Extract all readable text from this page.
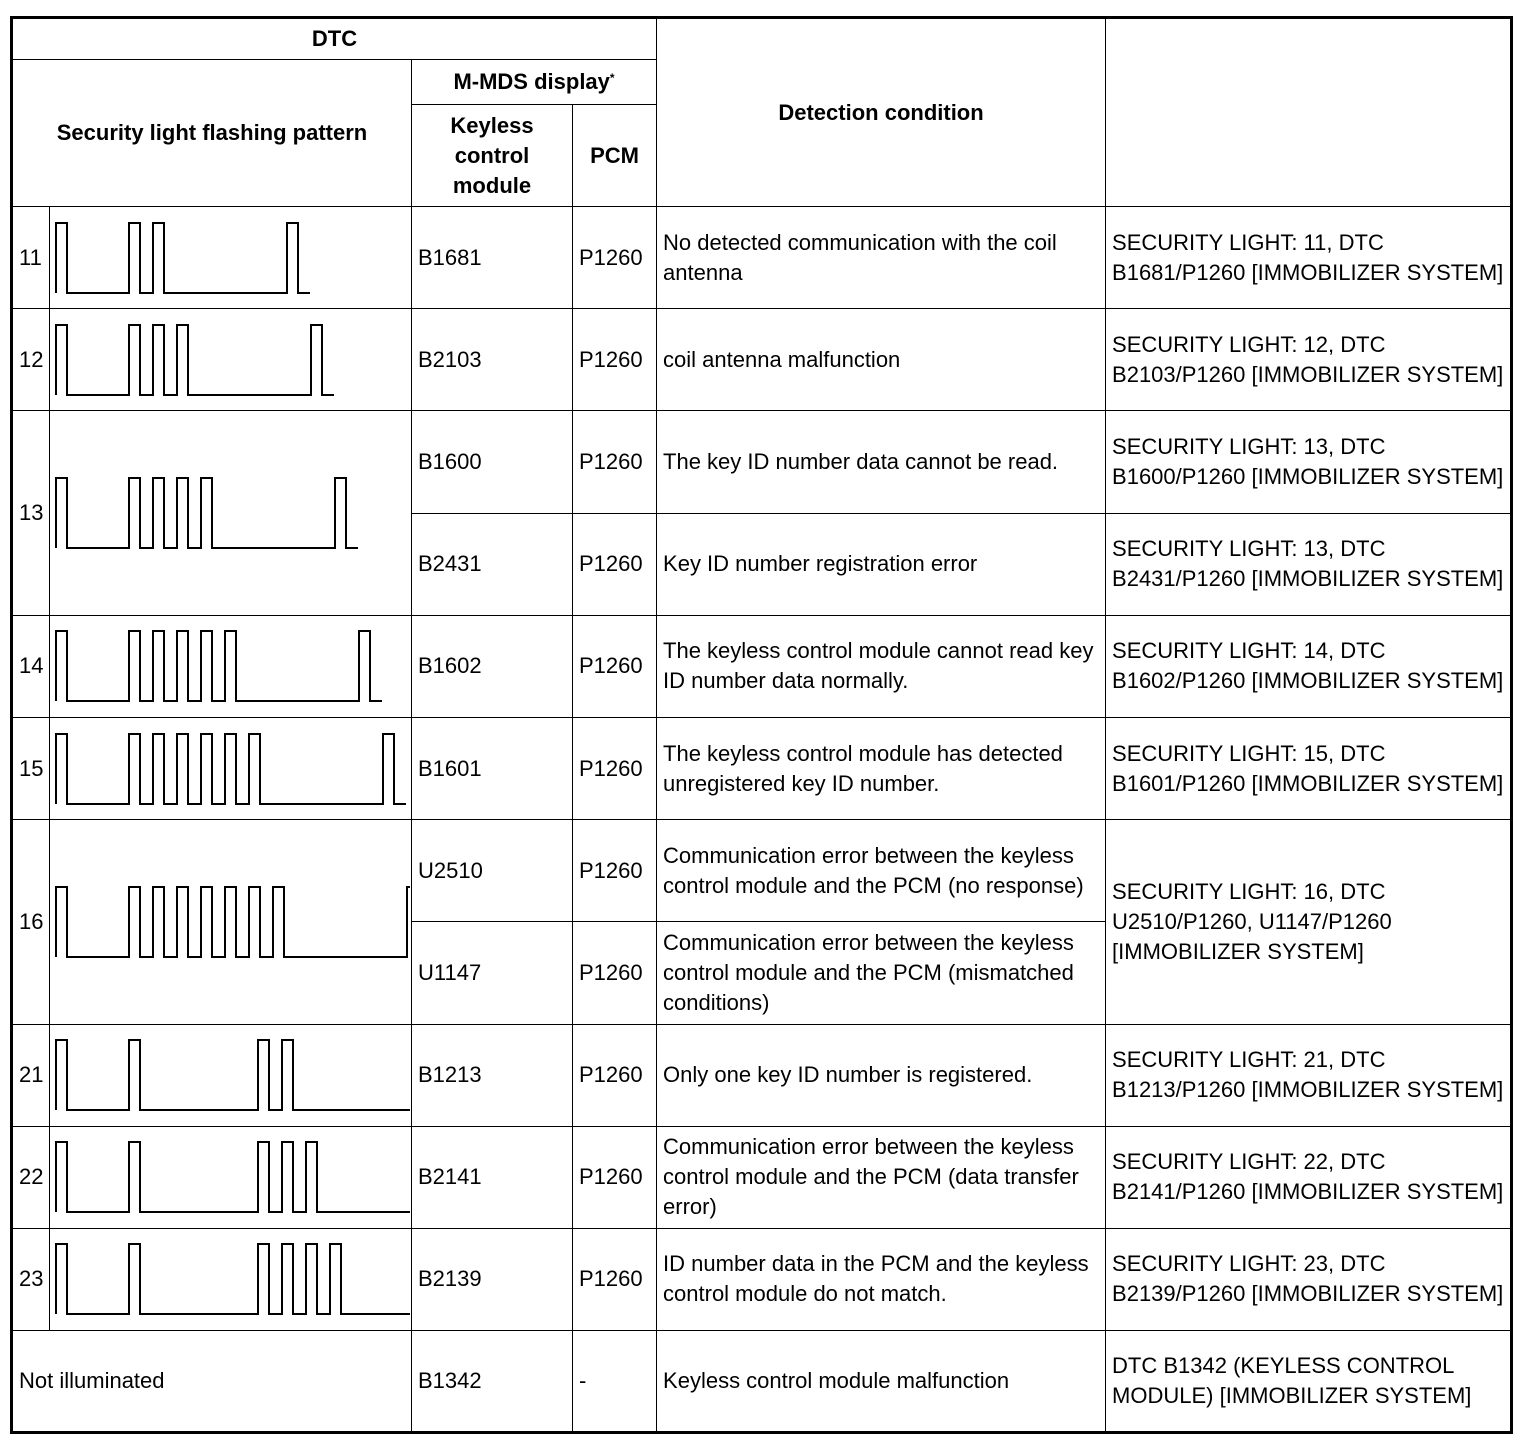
DTC				Detection condition	
Security light flashing pattern		M-MDS display*
		Keyless control module	PCM		
11		B1681	P1260	No detected communication with the coil antenna	SECURITY LIGHT: 11, DTC B1681/P1260 [IMMOBILIZER SYSTEM]
12		B2103	P1260	coil antenna malfunction	SECURITY LIGHT: 12, DTC B2103/P1260 [IMMOBILIZER SYSTEM]
13		B1600	P1260	The key ID number data cannot be read.	SECURITY LIGHT: 13, DTC B1600/P1260 [IMMOBILIZER SYSTEM]
		B2431	P1260	Key ID number registration error	SECURITY LIGHT: 13, DTC B2431/P1260 [IMMOBILIZER SYSTEM]
14		B1602	P1260	The keyless control module cannot read key ID number data normally.	SECURITY LIGHT: 14, DTC B1602/P1260 [IMMOBILIZER SYSTEM]
15		B1601	P1260	The keyless control module has detected unregistered key ID number.	SECURITY LIGHT: 15, DTC B1601/P1260 [IMMOBILIZER SYSTEM]
16		U2510	P1260	Communication error between the keyless control module and the PCM (no response)	SECURITY LIGHT: 16, DTC U2510/P1260, U1147/P1260 [IMMOBILIZER SYSTEM]
		U1147	P1260	Communication error between the keyless control module and the PCM (mismatched conditions)	
21		B1213	P1260	Only one key ID number is registered.	SECURITY LIGHT: 21, DTC B1213/P1260 [IMMOBILIZER SYSTEM]
22		B2141	P1260	Communication error between the keyless control module and the PCM (data transfer error)	SECURITY LIGHT: 22, DTC B2141/P1260 [IMMOBILIZER SYSTEM]
23		B2139	P1260	ID number data in the PCM and the keyless control module do not match.	SECURITY LIGHT: 23, DTC B2139/P1260 [IMMOBILIZER SYSTEM]
Not illuminated		B1342	-	Keyless control module malfunction	DTC B1342 (KEYLESS CONTROL MODULE) [IMMOBILIZER SYSTEM]
